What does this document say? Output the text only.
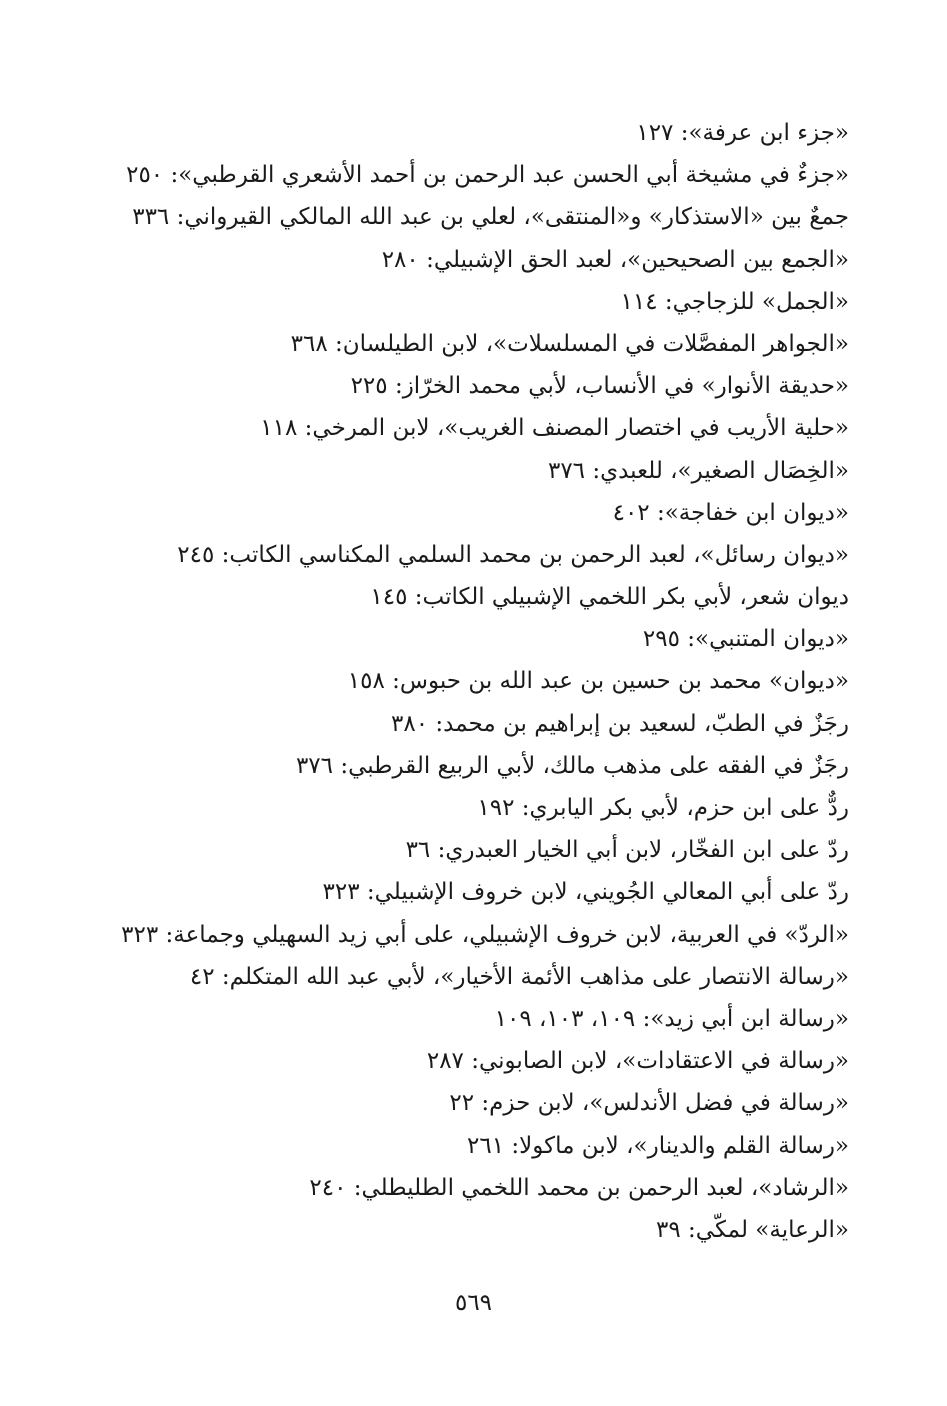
«جزء ابن عرفة»: ١٢٧
«جزءٌ في مشيخة أبي الحسن عبد الرحمن بن أحمد الأشعري القرطبي»: ٢٥٠
جمعٌ بين «الاستذكار» و«المنتقى»، لعلي بن عبد الله المالكي القيرواني: ٣٣٦
«الجمع بين الصحيحين»، لعبد الحق الإشبيلي: ٢٨٠
«الجمل» للزجاجي: ١١٤
«الجواهر المفصَّلات في المسلسلات»، لابن الطيلسان: ٣٦٨
«حديقة الأنوار» في الأنساب، لأبي محمد الخرّاز: ٢٢٥
«حلية الأريب في اختصار المصنف الغريب»، لابن المرخي: ١١٨
«الخِصَال الصغير»، للعبدي: ٣٧٦
«ديوان ابن خفاجة»: ٤٠٢
«ديوان رسائل»، لعبد الرحمن بن محمد السلمي المكناسي الكاتب: ٢٤٥
ديوان شعر، لأبي بكر اللخمي الإشبيلي الكاتب: ١٤٥
«ديوان المتنبي»: ٢٩٥
«ديوان» محمد بن حسين بن عبد الله بن حبوس: ١٥٨
رجَزٌ في الطبّ، لسعيد بن إبراهيم بن محمد: ٣٨٠
رجَزٌ في الفقه على مذهب مالك، لأبي الربيع القرطبي: ٣٧٦
ردٌّ على ابن حزم، لأبي بكر اليابري: ١٩٢
ردّ على ابن الفخّار، لابن أبي الخيار العبدري: ٣٦
ردّ على أبي المعالي الجُويني، لابن خروف الإشبيلي: ٣٢٣
«الردّ» في العربية، لابن خروف الإشبيلي، على أبي زيد السهيلي وجماعة: ٣٢٣
«رسالة الانتصار على مذاهب الأئمة الأخيار»، لأبي عبد الله المتكلم: ٤٢
«رسالة ابن أبي زيد»: ١٠٩، ١٠٣، ١٠٩
«رسالة في الاعتقادات»، لابن الصابوني: ٢٨٧
«رسالة في فضل الأندلس»، لابن حزم: ٢٢
«رسالة القلم والدينار»، لابن ماكولا: ٢٦١
«الرشاد»، لعبد الرحمن بن محمد اللخمي الطليطلي: ٢٤٠
«الرعاية» لمكّي: ٣٩
٥٦٩
